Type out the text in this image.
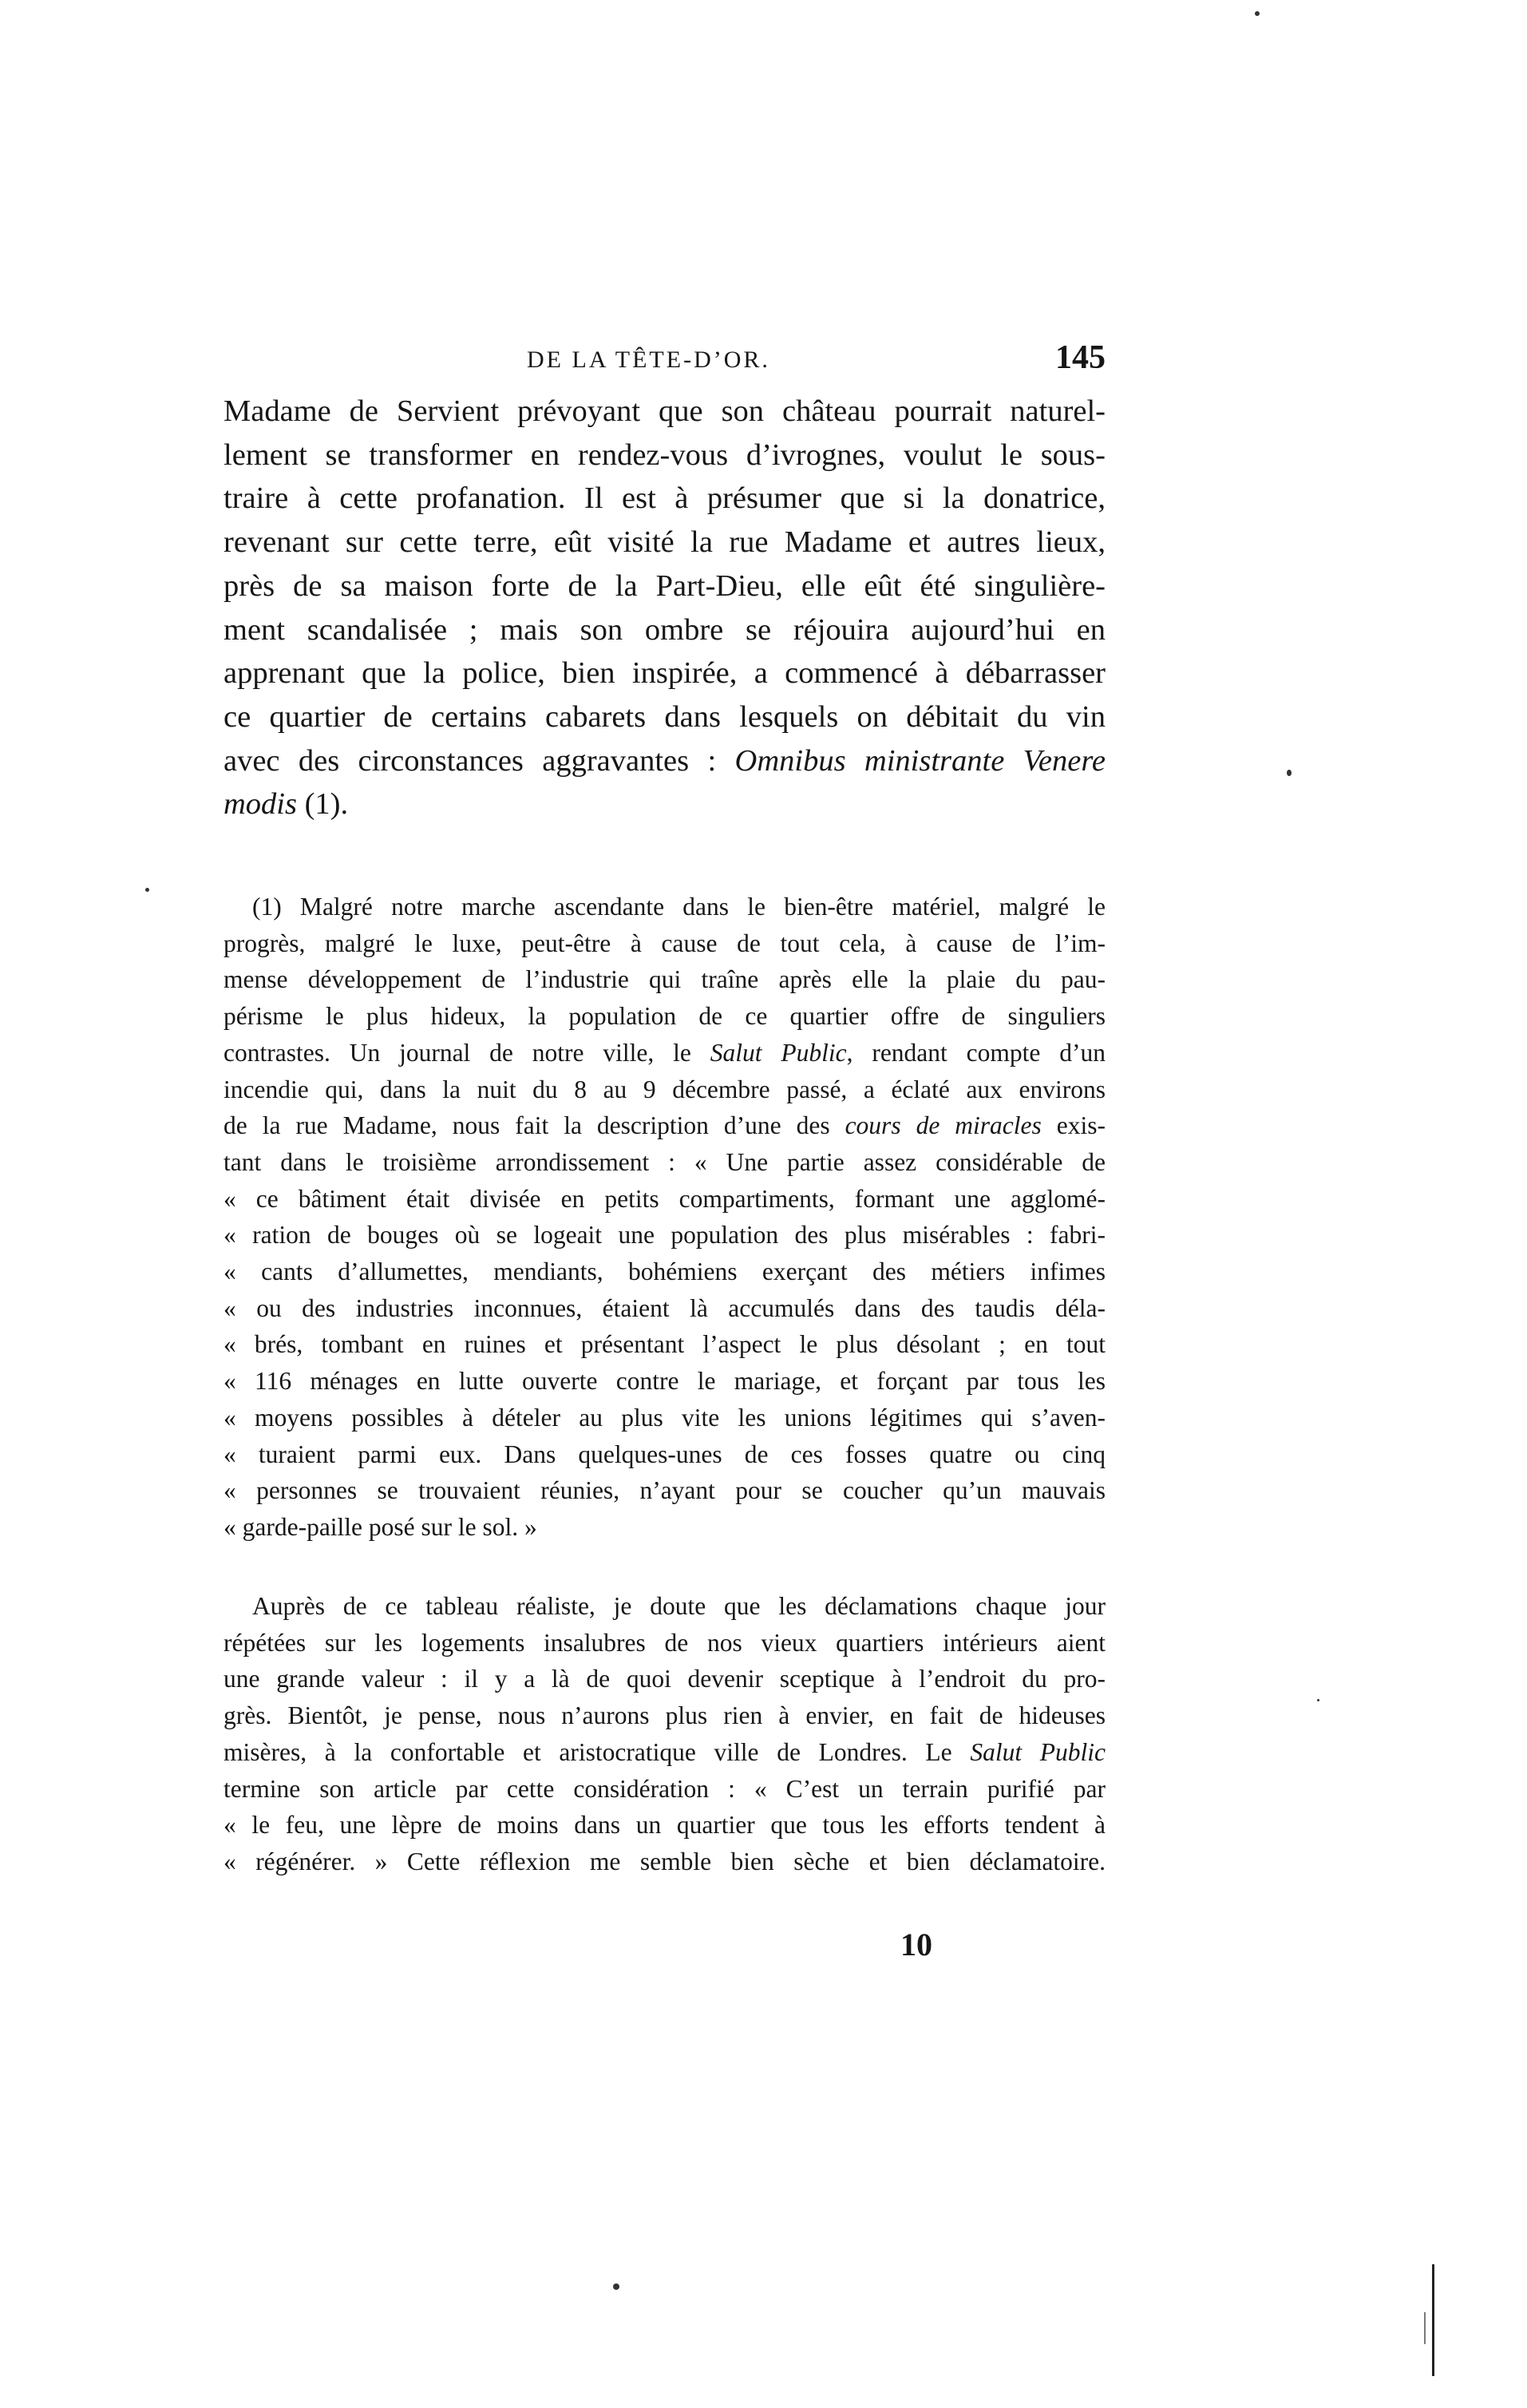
DE LA TÊTE-D’OR.	145
Madame de Servient prévoyant que son château pourrait naturel-
lement se transformer en rendez-vous d’ivrognes, voulut le sous-
traire à cette profanation. Il est à présumer que si la donatrice,
revenant sur cette terre, eût visité la rue Madame et autres lieux,
près de sa maison forte de la Part-Dieu, elle eût été singulière-
ment scandalisée ; mais son ombre se réjouira aujourd’hui en
apprenant que la police, bien inspirée, a commencé à débarrasser
ce quartier de certains cabarets dans lesquels on débitait du vin
avec des circonstances aggravantes : Omnibus ministrante Venere
modis (1).
(1) Malgré notre marche ascendante dans le bien-être matériel, malgré le
progrès, malgré le luxe, peut-être à cause de tout cela, à cause de l’im-
mense développement de l’industrie qui traîne après elle la plaie du pau-
périsme le plus hideux, la population de ce quartier offre de singuliers
contrastes. Un journal de notre ville, le Salut Public, rendant compte d’un
incendie qui, dans la nuit du 8 au 9 décembre passé, a éclaté aux environs
de la rue Madame, nous fait la description d’une des cours de miracles exis-
tant dans le troisième arrondissement : « Une partie assez considérable de
« ce bâtiment était divisée en petits compartiments, formant une agglomé-
« ration de bouges où se logeait une population des plus misérables : fabri-
« cants d’allumettes, mendiants, bohémiens exerçant des métiers infimes
« ou des industries inconnues, étaient là accumulés dans des taudis déla-
« brés, tombant en ruines et présentant l’aspect le plus désolant ; en tout
« 116 ménages en lutte ouverte contre le mariage, et forçant par tous les
« moyens possibles à dételer au plus vite les unions légitimes qui s’aven-
« turaient parmi eux. Dans quelques-unes de ces fosses quatre ou cinq
« personnes se trouvaient réunies, n’ayant pour se coucher qu’un mauvais
« garde-paille posé sur le sol. »
Auprès de ce tableau réaliste, je doute que les déclamations chaque jour
répétées sur les logements insalubres de nos vieux quartiers intérieurs aient
une grande valeur : il y a là de quoi devenir sceptique à l’endroit du pro-
grès. Bientôt, je pense, nous n’aurons plus rien à envier, en fait de hideuses
misères, à la confortable et aristocratique ville de Londres. Le Salut Public
termine son article par cette considération : « C’est un terrain purifié par
« le feu, une lèpre de moins dans un quartier que tous les efforts tendent à
« régénérer. » Cette réflexion me semble bien sèche et bien déclamatoire.
10
